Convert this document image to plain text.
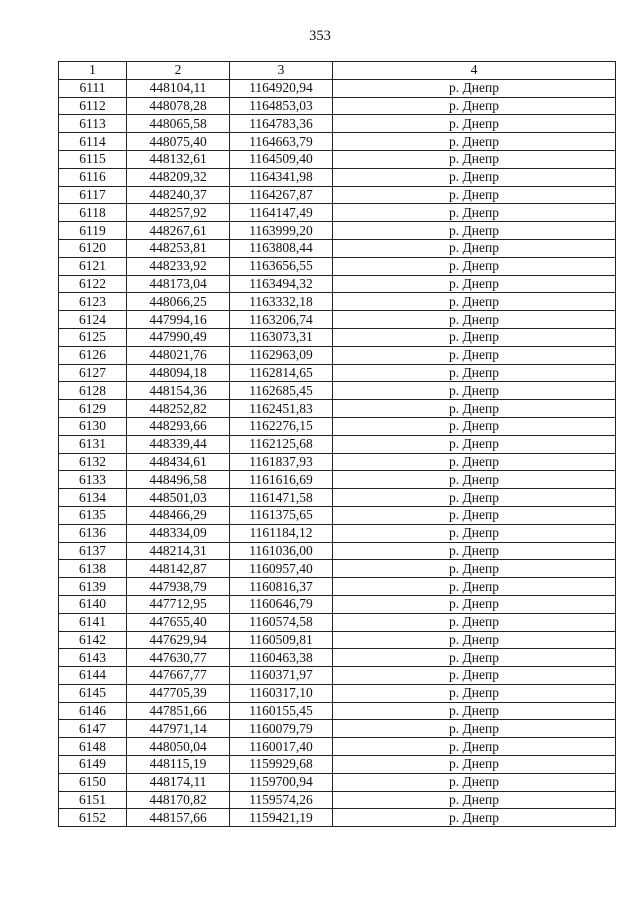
353
1	2	3	4
6111	448104,11	1164920,94	р. Днепр
6112	448078,28	1164853,03	р. Днепр
6113	448065,58	1164783,36	р. Днепр
6114	448075,40	1164663,79	р. Днепр
6115	448132,61	1164509,40	р. Днепр
6116	448209,32	1164341,98	р. Днепр
6117	448240,37	1164267,87	р. Днепр
6118	448257,92	1164147,49	р. Днепр
6119	448267,61	1163999,20	р. Днепр
6120	448253,81	1163808,44	р. Днепр
6121	448233,92	1163656,55	р. Днепр
6122	448173,04	1163494,32	р. Днепр
6123	448066,25	1163332,18	р. Днепр
6124	447994,16	1163206,74	р. Днепр
6125	447990,49	1163073,31	р. Днепр
6126	448021,76	1162963,09	р. Днепр
6127	448094,18	1162814,65	р. Днепр
6128	448154,36	1162685,45	р. Днепр
6129	448252,82	1162451,83	р. Днепр
6130	448293,66	1162276,15	р. Днепр
6131	448339,44	1162125,68	р. Днепр
6132	448434,61	1161837,93	р. Днепр
6133	448496,58	1161616,69	р. Днепр
6134	448501,03	1161471,58	р. Днепр
6135	448466,29	1161375,65	р. Днепр
6136	448334,09	1161184,12	р. Днепр
6137	448214,31	1161036,00	р. Днепр
6138	448142,87	1160957,40	р. Днепр
6139	447938,79	1160816,37	р. Днепр
6140	447712,95	1160646,79	р. Днепр
6141	447655,40	1160574,58	р. Днепр
6142	447629,94	1160509,81	р. Днепр
6143	447630,77	1160463,38	р. Днепр
6144	447667,77	1160371,97	р. Днепр
6145	447705,39	1160317,10	р. Днепр
6146	447851,66	1160155,45	р. Днепр
6147	447971,14	1160079,79	р. Днепр
6148	448050,04	1160017,40	р. Днепр
6149	448115,19	1159929,68	р. Днепр
6150	448174,11	1159700,94	р. Днепр
6151	448170,82	1159574,26	р. Днепр
6152	448157,66	1159421,19	р. Днепр
